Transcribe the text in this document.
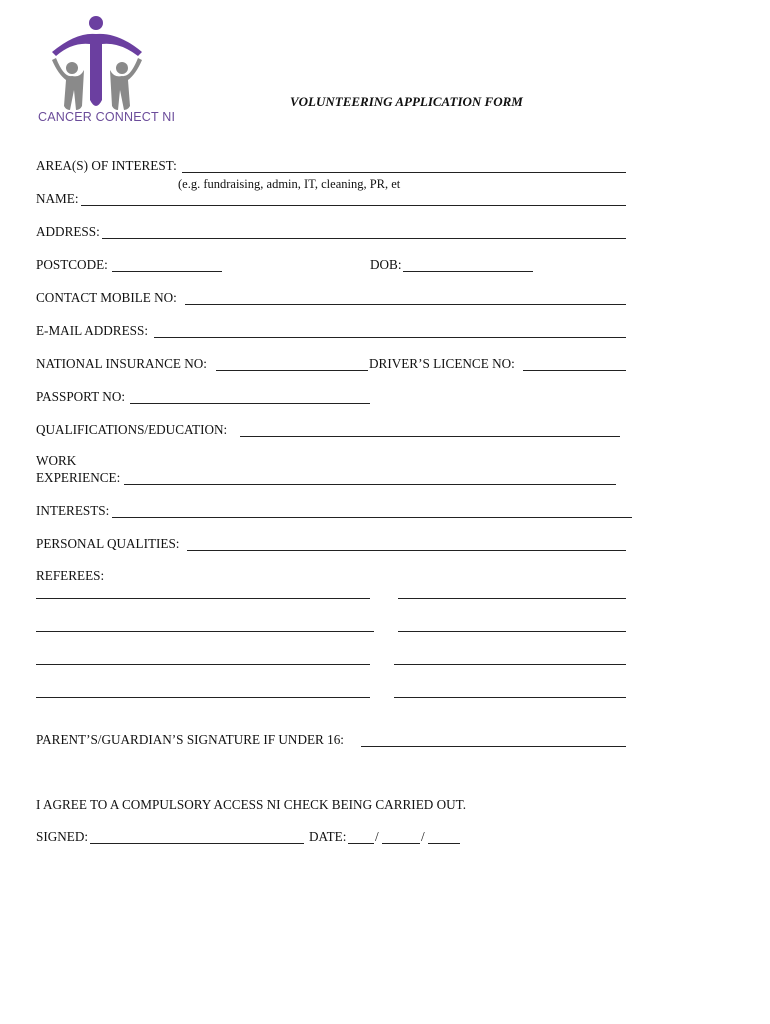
CANCER CONNECT NI
VOLUNTEERING APPLICATION FORM
AREA(S) OF INTEREST:
(e.g. fundraising, admin, IT, cleaning, PR, et
NAME:
ADDRESS:
POSTCODE:	DOB:
CONTACT MOBILE NO:
E-MAIL ADDRESS:
NATIONAL INSURANCE NO:	DRIVER’S LICENCE NO:
PASSPORT NO:
QUALIFICATIONS/EDUCATION:
WORK
EXPERIENCE:
INTERESTS:
PERSONAL QUALITIES:
REFEREES:
PARENT’S/GUARDIAN’S SIGNATURE IF UNDER 16:
I AGREE TO A COMPULSORY ACCESS NI CHECK BEING CARRIED OUT.
SIGNED:	DATE: /	/
